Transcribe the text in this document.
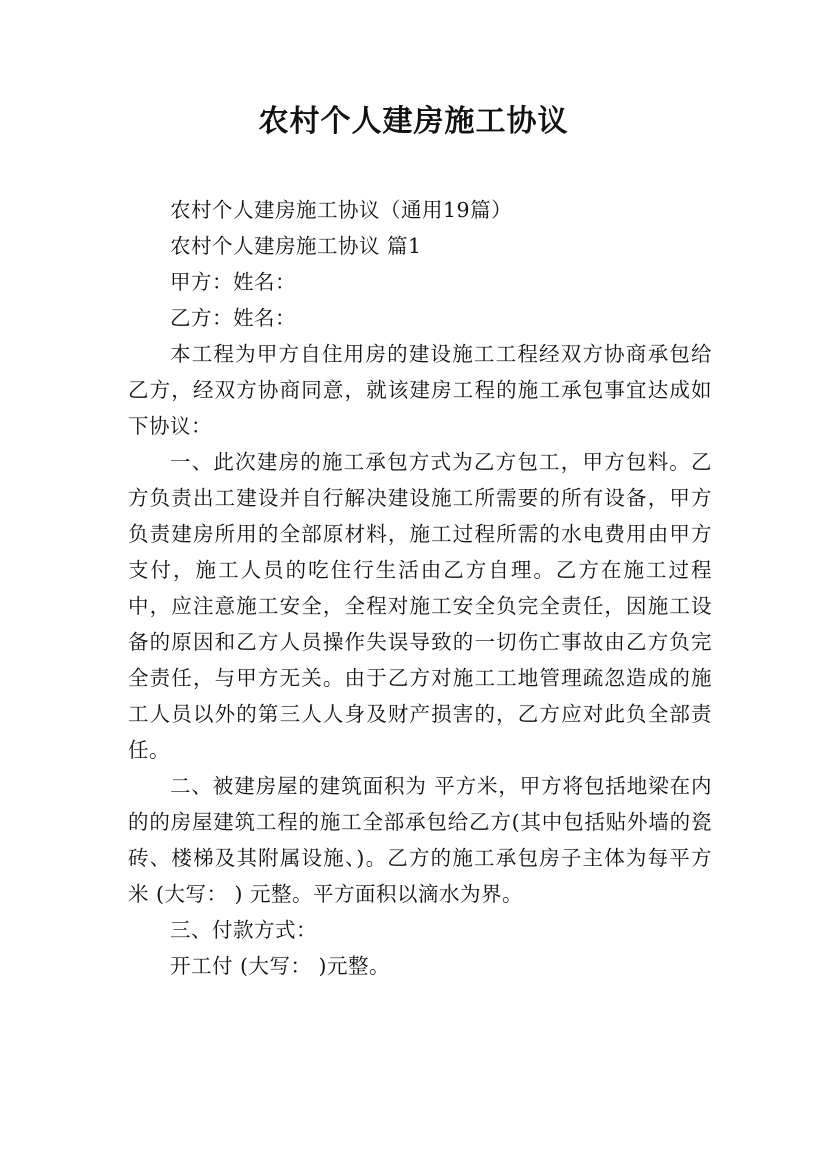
农村个人建房施工协议

农村个人建房施工协议（通用19篇）

农村个人建房施工协议 篇1

甲方：姓名：

乙方：姓名：

本工程为甲方自住用房的建设施工工程经双方协商承包给乙方，经双方协商同意，就该建房工程的施工承包事宜达成如下协议：

一、此次建房的施工承包方式为乙方包工，甲方包料。乙方负责出工建设并自行解决建设施工所需要的所有设备，甲方负责建房所用的全部原材料，施工过程所需的水电费用由甲方支付，施工人员的吃住行生活由乙方自理。乙方在施工过程中，应注意施工安全，全程对施工安全负完全责任，因施工设备的原因和乙方人员操作失误导致的一切伤亡事故由乙方负完全责任，与甲方无关。由于乙方对施工工地管理疏忽造成的施工人员以外的第三人人身及财产损害的，乙方应对此负全部责任。

二、被建房屋的建筑面积为 平方米，甲方将包括地梁在内的的房屋建筑工程的施工全部承包给乙方(其中包括贴外墙的瓷砖、楼梯及其附属设施、)。乙方的施工承包房子主体为每平方米 (大写： ) 元整。平方面积以滴水为界。

三、付款方式：

开工付 (大写： )元整。
